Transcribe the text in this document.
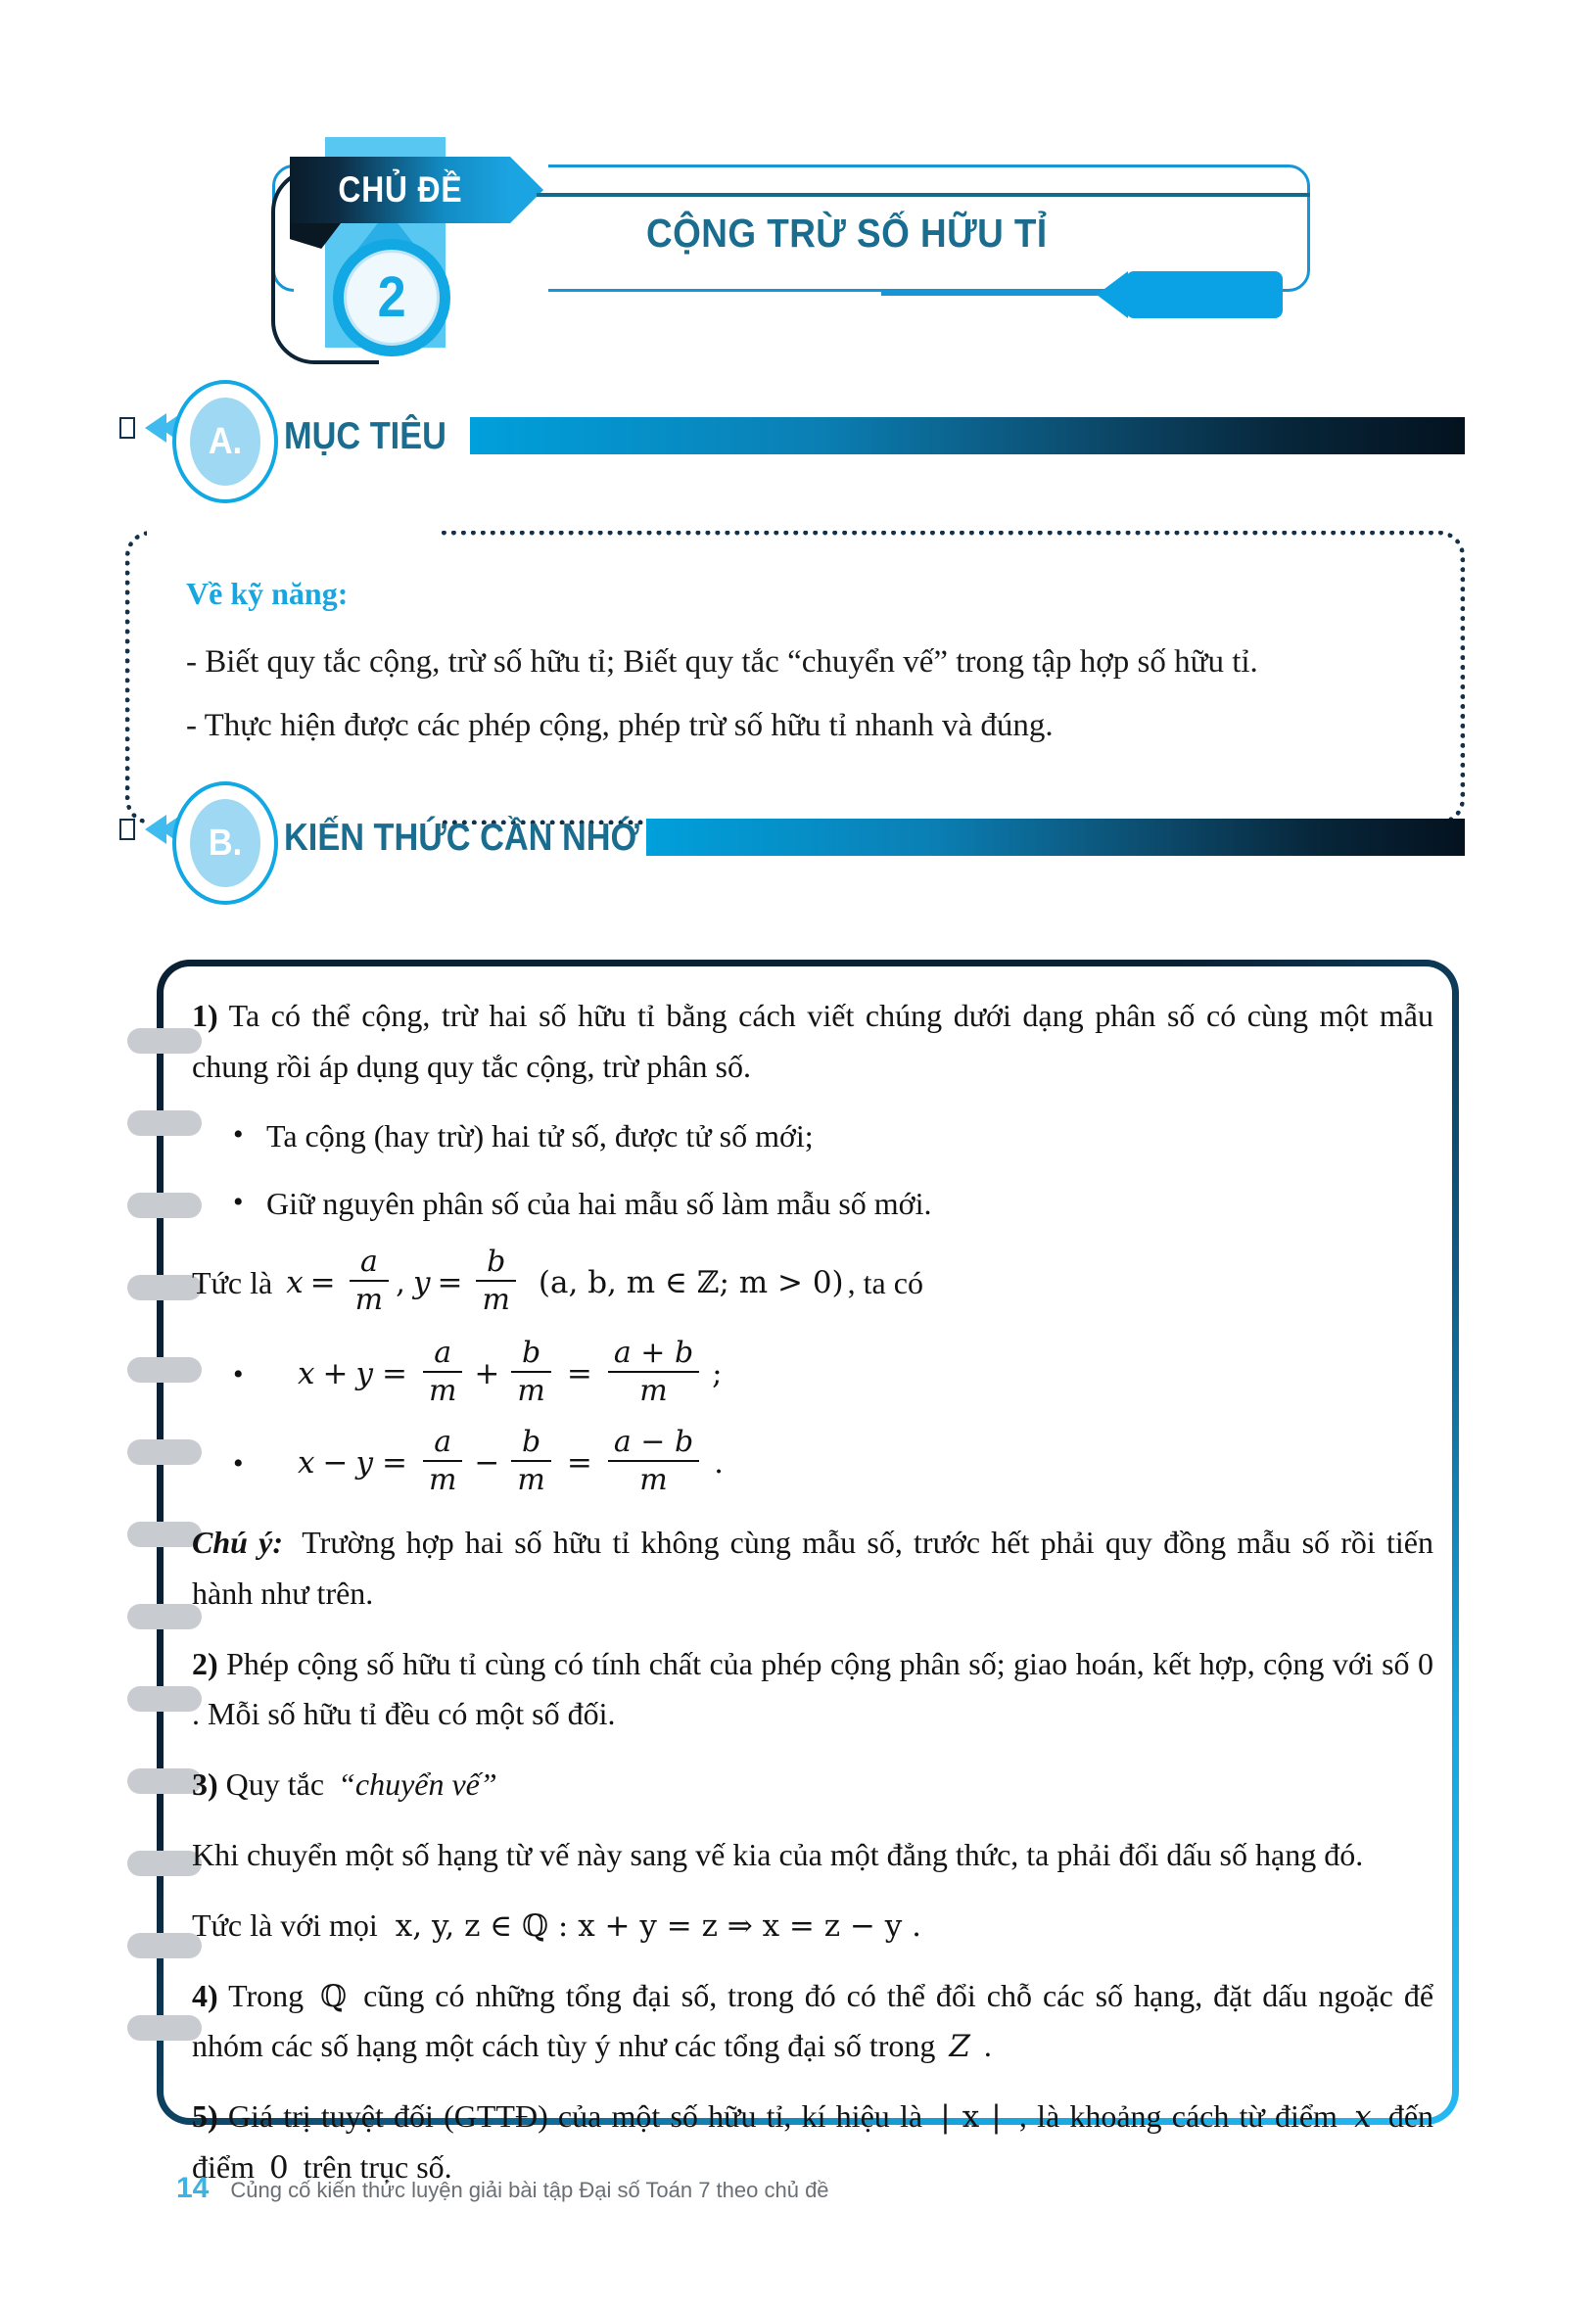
CHỦ ĐỀ
2
CỘNG TRỪ SỐ HỮU TỈ
A. MỤC TIÊU
Về kỹ năng:
- Biết quy tắc cộng, trừ số hữu tỉ; Biết quy tắc “chuyển vế” trong tập hợp số hữu tỉ.
- Thực hiện được các phép cộng, phép trừ số hữu tỉ nhanh và đúng.
B. KIẾN THỨC CẦN NHỚ

1) Ta có thể cộng, trừ hai số hữu tỉ bằng cách viết chúng dưới dạng phân số có cùng một mẫu chung rồi áp dụng quy tắc cộng, trừ phân số.

• Ta cộng (hay trừ) hai tử số, được tử số mới;
• Giữ nguyên phân số của hai mẫu số làm mẫu số mới.
Tức là $x = \frac{a}{m}$ , $y = \frac{b}{m} (a$, b, m ∈ ℤ; m > 0) , ta có
•	$x + y = \frac{a}{m} + \frac{b}{m} = \frac{a + b}{m}$ ;
•	$x - y = \frac{a}{m} - \frac{b}{m} = \frac{a - b}{m}$ .

Chú ý: Trường hợp hai số hữu tỉ không cùng mẫu số, trước hết phải quy đồng mẫu số rồi tiến hành như trên.

2) Phép cộng số hữu tỉ cùng có tính chất của phép cộng phân số; giao hoán, kết hợp, cộng với số 0 . Mỗi số hữu tỉ đều có một số đối.

3) Quy tắc “chuyển vế”

Khi chuyển một số hạng từ vế này sang vế kia của một đẳng thức, ta phải đổi dấu số hạng đó.

Tức là với mọi x, y, z ∈ ℚ : x + y = z ⇒ x = z − y .

4) Trong ℚ cũng có những tổng đại số, trong đó có thể đổi chỗ các số hạng, đặt dấu ngoặc để nhóm các số hạng một cách tùy ý như các tổng đại số trong Z .

5) Giá trị tuyệt đối (GTTĐ) của một số hữu tỉ, kí hiệu là | x | , là khoảng cách từ điểm x đến điểm 0 trên trục số.

14 Củng cố kiến thức luyện giải bài tập Đại số Toán 7 theo chủ đề
